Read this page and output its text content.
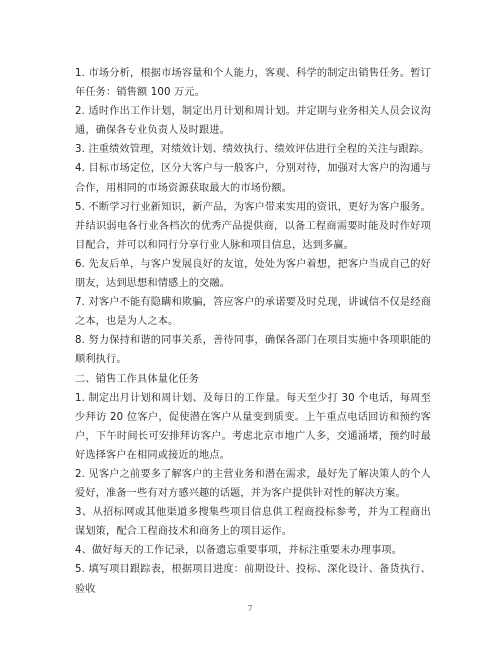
1. 市场分析，根据市场容量和个人能力，客观、科学的制定出销售任务。暂订年任务：销售额 100 万元。

2. 适时作出工作计划，制定出月计划和周计划。并定期与业务相关人员会议沟通，确保各专业负责人及时跟进。

3. 注重绩效管理，对绩效计划、绩效执行、绩效评估进行全程的关注与跟踪。

4. 目标市场定位，区分大客户与一般客户，分别对待，加强对大客户的沟通与合作，用相同的市场资源获取最大的市场份额。

5. 不断学习行业新知识，新产品，为客户带来实用的资讯，更好为客户服务。并结识弱电各行业各档次的优秀产品提供商，以备工程商需要时能及时作好项目配合，并可以和同行分享行业人脉和项目信息，达到多赢。

6. 先友后单，与客户发展良好的友谊，处处为客户着想，把客户当成自己的好朋友，达到思想和情感上的交融。

7. 对客户不能有隐瞒和欺骗，答应客户的承诺要及时兑现，讲诚信不仅是经商之本，也是为人之本。

8. 努力保持和谐的同事关系，善待同事，确保各部门在项目实施中各项职能的顺利执行。

二、销售工作具体量化任务

1. 制定出月计划和周计划、及每日的工作量。每天至少打 30 个电话，每周至少拜访 20 位客户，促使潜在客户从量变到质变。上午重点电话回访和预约客户，下午时间长可安排拜访客户。考虑北京市地广人多，交通涌堵，预约时最好选择客户在相同或接近的地点。

2. 见客户之前要多了解客户的主营业务和潜在需求，最好先了解决策人的个人爱好，准备一些有对方感兴趣的话题，并为客户提供针对性的解决方案。

3、从招标网或其他渠道多搜集些项目信息供工程商投标参考，并为工程商出谋划策，配合工程商技术和商务上的项目运作。

4、做好每天的工作记录，以备遗忘重要事项，并标注重要未办理事项。

5. 填写项目跟踪表，根据项目进度：前期设计、投标、深化设计、备货执行、验收

7
